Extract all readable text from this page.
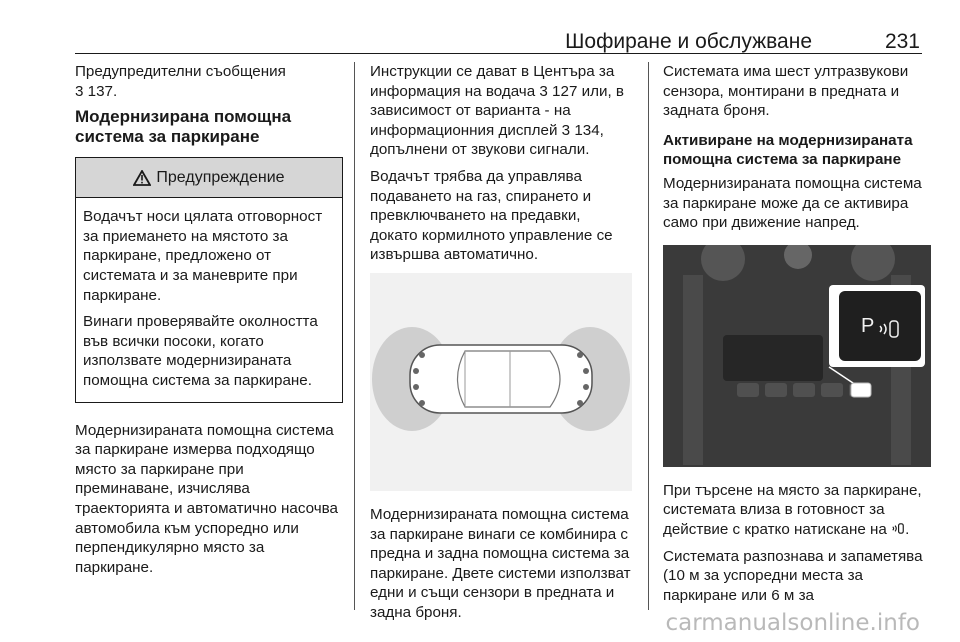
Шофиране и обслужване	231
Предупредителни съобщения
3 137.
Модернизирана помощна
система за паркиране
Предупреждение

Водачът носи цялата отговорност за приемането на мястото за паркиране, предложено от системата и за маневрите при паркиране.

Винаги проверявайте околността във всички посоки, когато използвате модернизираната помощна система за паркиране.

Модернизираната помощна система за паркиране измерва подходящо място за паркиране при преминаване, изчислява траекторията и автоматично насочва автомобила към успоредно или перпендикулярно място за паркиране.

Инструкции се дават в Центъра за информация на водача 3 127 или, в зависимост от варианта - на информационния дисплей 3 134, допълнени от звукови сигнали.

Водачът трябва да управлява подаването на газ, спирането и превключването на предавки, докато кормилното управление се извършва автоматично.

Модернизираната помощна система за паркиране винаги се комбинира с предна и задна помощна система за паркиране. Двете системи използват едни и същи сензори в предната и задна броня.

Системата има шест ултразвукови сензора, монтирани в предната и задната броня.

Активиране на модернизираната
помощна система за паркиране

Модернизираната помощна система за паркиране може да се активира само при движение напред.

P

При търсене на място за паркиране, системата влиза в готовност за действие с кратко натискане на .

Системата разпознава и запаметява (10 м за успоредни места за паркиране или 6 м за

carmanualsonline.info
